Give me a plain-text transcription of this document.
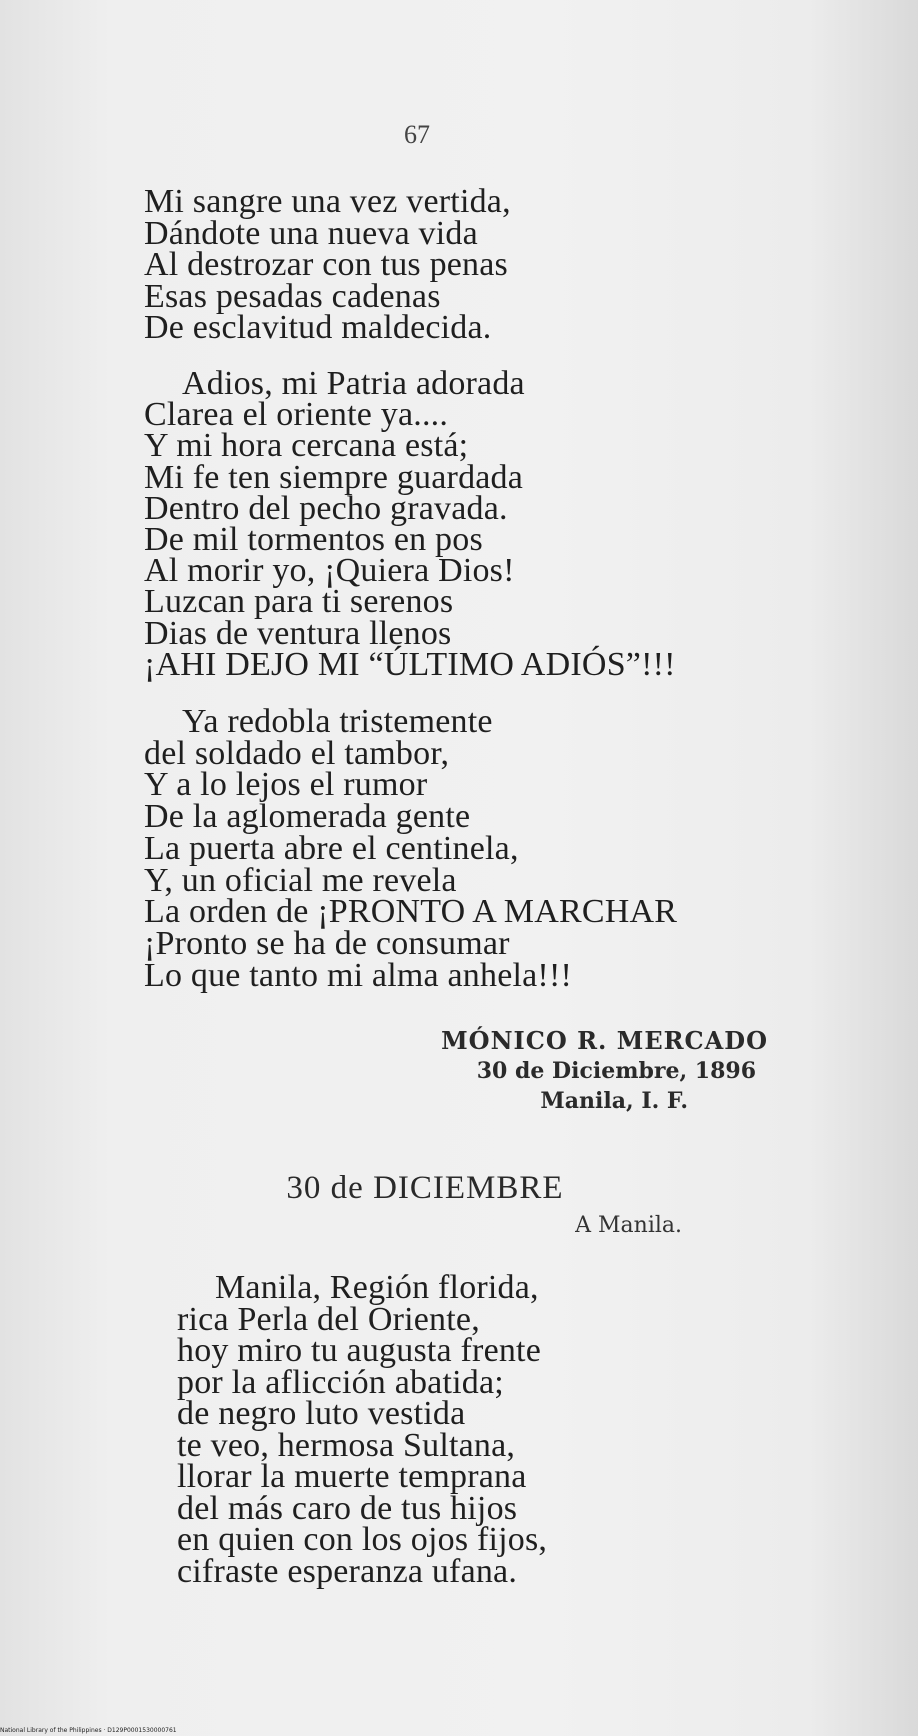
67
Mi sangre una vez vertida,
Dándote una nueva vida
Al destrozar con tus penas
Esas pesadas cadenas
De esclavitud maldecida.
Adios, mi Patria adorada
Clarea el oriente ya....
Y mi hora cercana está;
Mi fe ten siempre guardada
Dentro del pecho gravada.
De mil tormentos en pos
Al morir yo, ¡Quiera Dios!
Luzcan para ti serenos
Dias de ventura llenos
¡AHI DEJO MI “ÚLTIMO ADIÓS”!!!
Ya redobla tristemente
del soldado el tambor,
Y a lo lejos el rumor
De la aglomerada gente
La puerta abre el centinela,
Y, un oficial me revela
La orden de ¡PRONTO A MARCHAR
¡Pronto se ha de consumar
Lo que tanto mi alma anhela!!!
MÓNICO R. MERCADO
30 de Diciembre, 1896
Manila, I. F.
30 de DICIEMBRE
A Manila.
Manila, Región florida,
rica Perla del Oriente,
hoy miro tu augusta frente
por la aflicción abatida;
de negro luto vestida
te veo, hermosa Sultana,
llorar la muerte temprana
del más caro de tus hijos
en quien con los ojos fijos,
cifraste esperanza ufana.
National Library of the Philippines · D129P0001530000761
